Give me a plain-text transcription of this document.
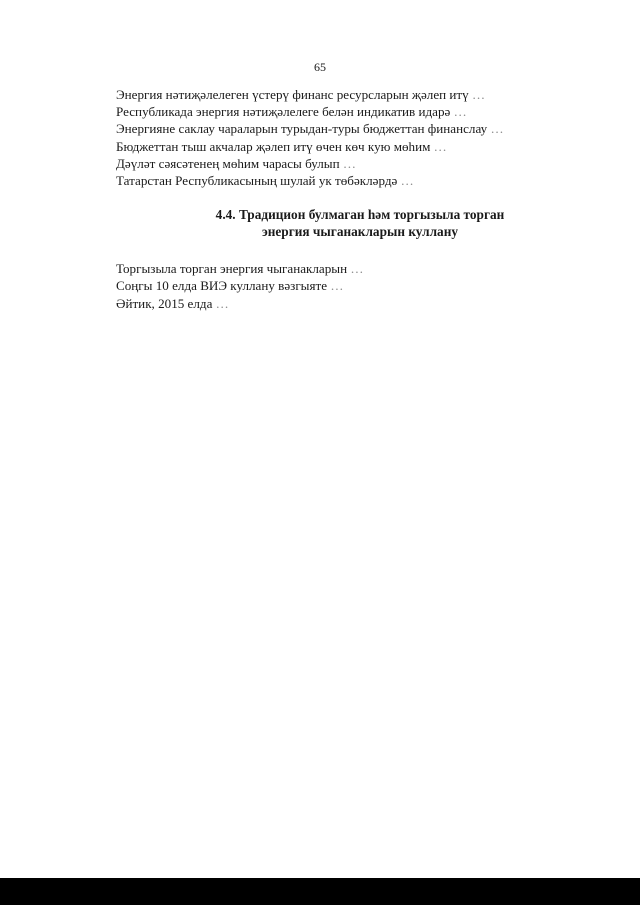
65

Энергия нәтиҗәлелеген үстерү финанс ресурсларын җәлеп итү …

Республикада энергия нәтиҗәлелеге белән индикатив идарә …

Энергияне саклау чараларын турыдан-туры бюджеттан финанслау …

Бюджеттан тыш акчалар җәлеп итү өчен көч кую мөһим …

Дәүләт сәясәтенең мөһим чарасы булып …

Татарстан Республикасының шулай ук төбәкләрдә …

4.4. Традицион булмаган һәм торгызыла торган
энергия чыганакларын куллану

Торгызыла торган энергия чыганакларын …

Соңгы 10 елда ВИЭ куллану вәзгыяте …

Әйтик, 2015 елда …
